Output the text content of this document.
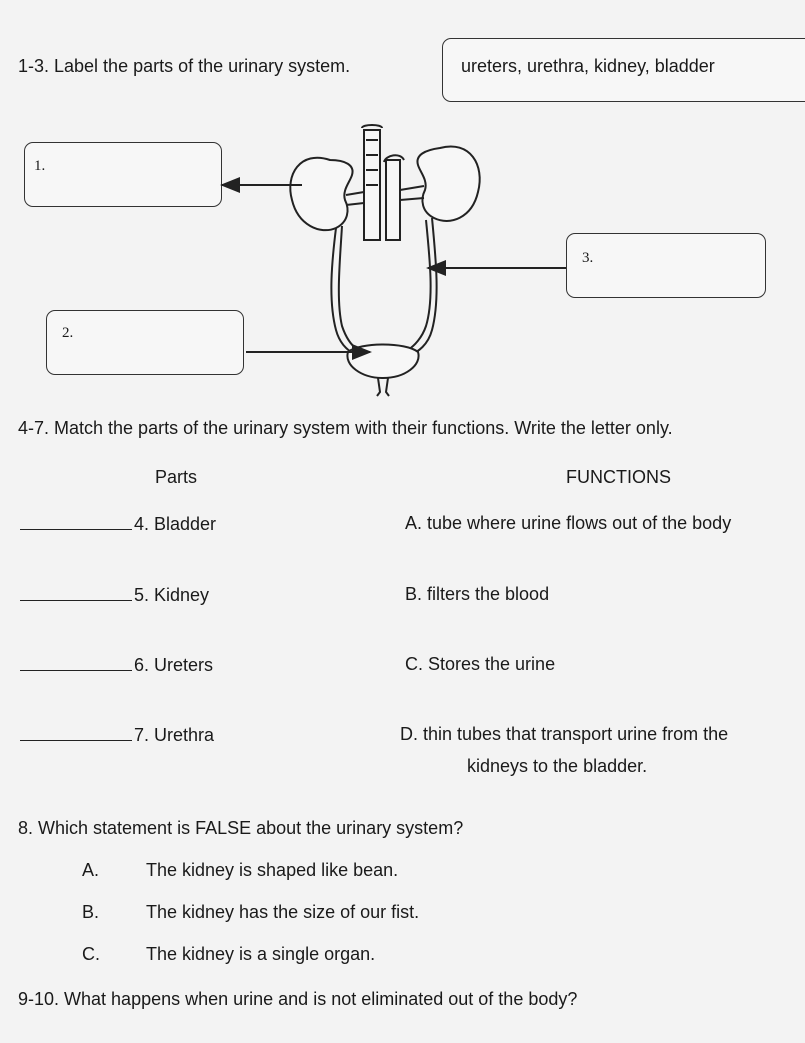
1-3. Label the parts of the urinary system.	ureters, urethra, kidney, bladder
1.
2.
3.
4-7. Match the parts of the urinary system with their functions. Write the letter only.
Parts	FUNCTIONS
4. Bladder	A. tube where urine flows out of the body
5. Kidney	B. filters the blood
6. Ureters	C. Stores the urine
7. Urethra	D. thin tubes that transport urine from the
kidneys to the bladder.
8. Which statement is FALSE about the urinary system?
A.	The kidney is shaped like bean.
B.	The kidney has the size of our fist.
C.	The kidney is a single organ.
9-10. What happens when urine and is not eliminated out of the body?
